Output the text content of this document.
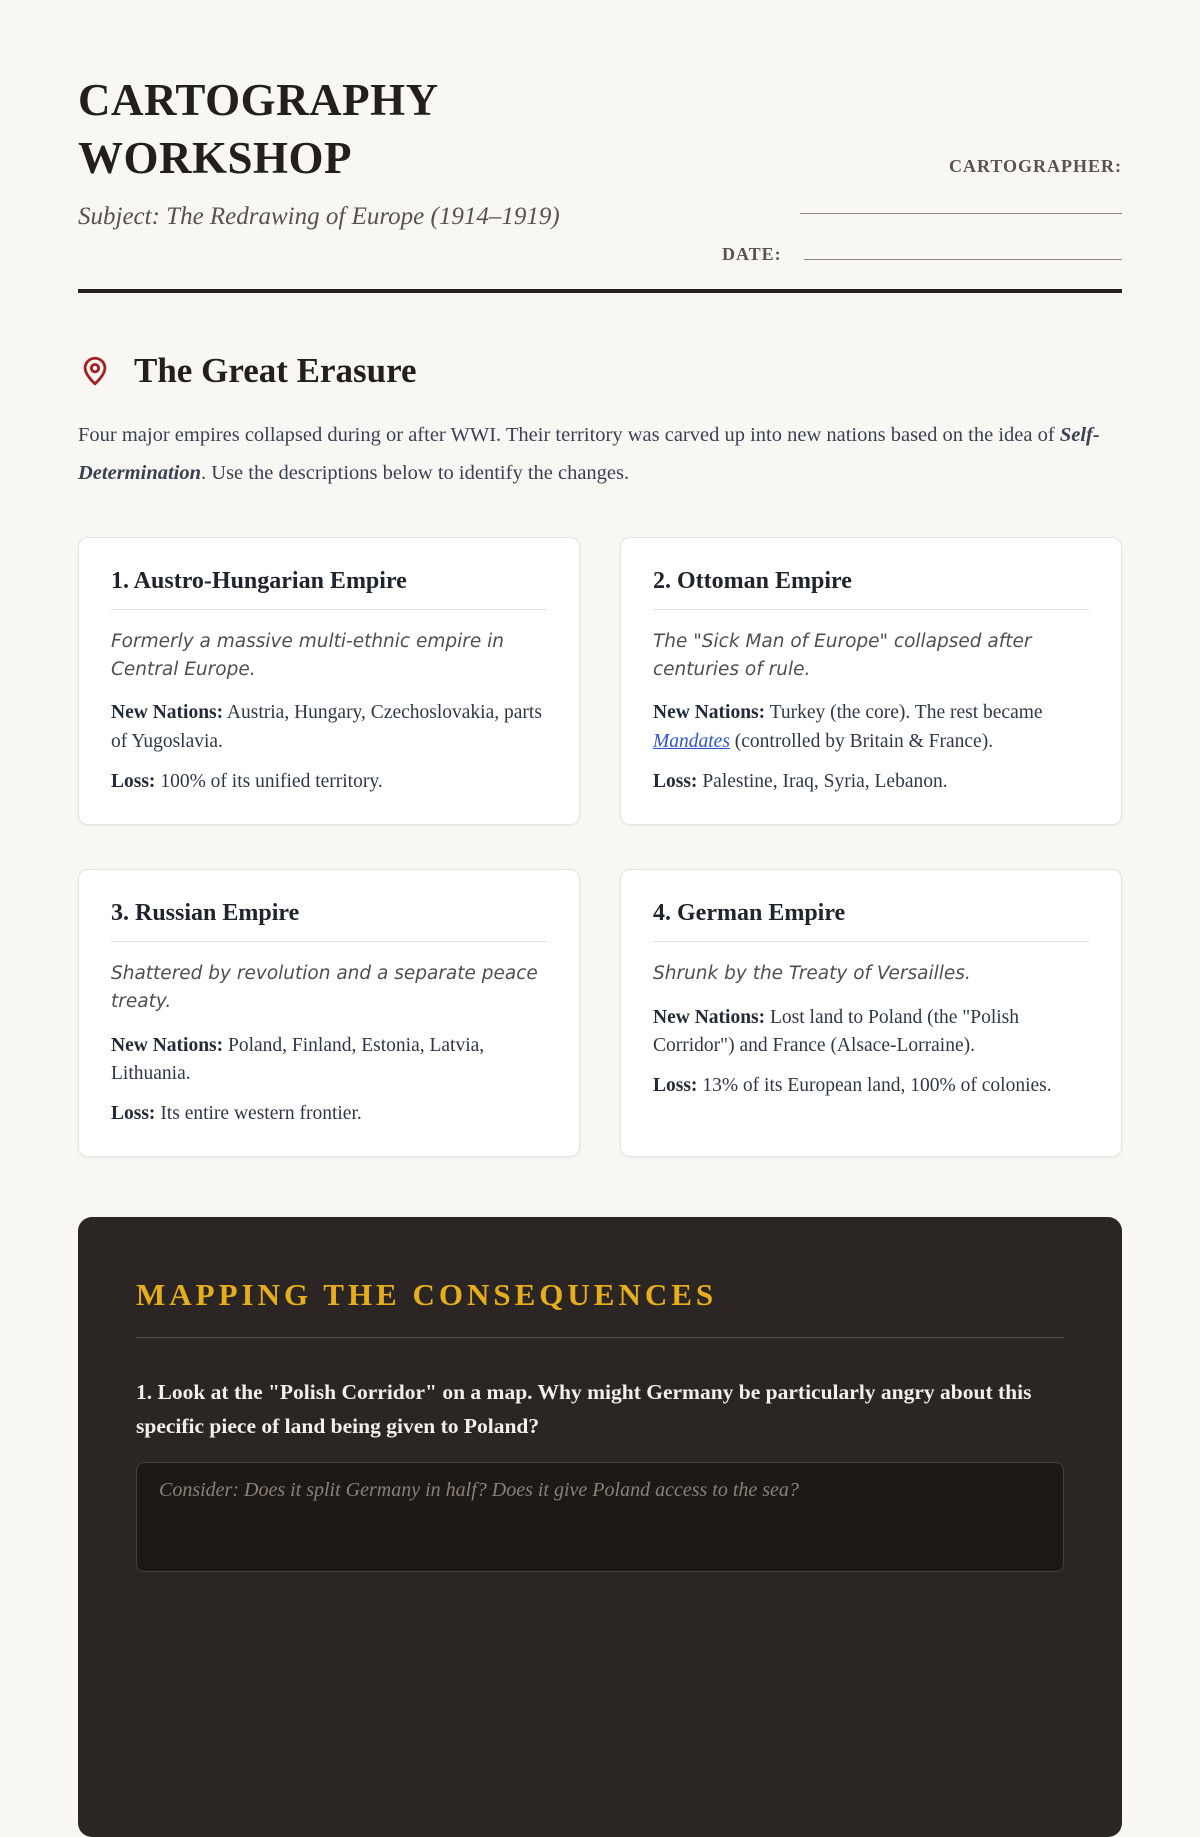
CARTOGRAPHY WORKSHOP

Subject: The Redrawing of Europe (1914–1919)

CARTOGRAPHER:
DATE:
The Great Erasure

Four major empires collapsed during or after WWI. Their territory was carved up into new nations based on the idea of Self-Determination. Use the descriptions below to identify the changes.

1. Austro-Hungarian Empire

Formerly a massive multi-ethnic empire in Central Europe.

New Nations: Austria, Hungary, Czechoslovakia, parts of Yugoslavia.

Loss: 100% of its unified territory.

2. Ottoman Empire

The "Sick Man of Europe" collapsed after centuries of rule.

New Nations: Turkey (the core). The rest became Mandates (controlled by Britain & France).

Loss: Palestine, Iraq, Syria, Lebanon.

3. Russian Empire

Shattered by revolution and a separate peace treaty.

New Nations: Poland, Finland, Estonia, Latvia, Lithuania.

Loss: Its entire western frontier.

4. German Empire

Shrunk by the Treaty of Versailles.

New Nations: Lost land to Poland (the "Polish Corridor") and France (Alsace-Lorraine).

Loss: 13% of its European land, 100% of colonies.

MAPPING THE CONSEQUENCES

1. Look at the "Polish Corridor" on a map. Why might Germany be particularly angry about this specific piece of land being given to Poland?

Consider: Does it split Germany in half? Does it give Poland access to the sea?
